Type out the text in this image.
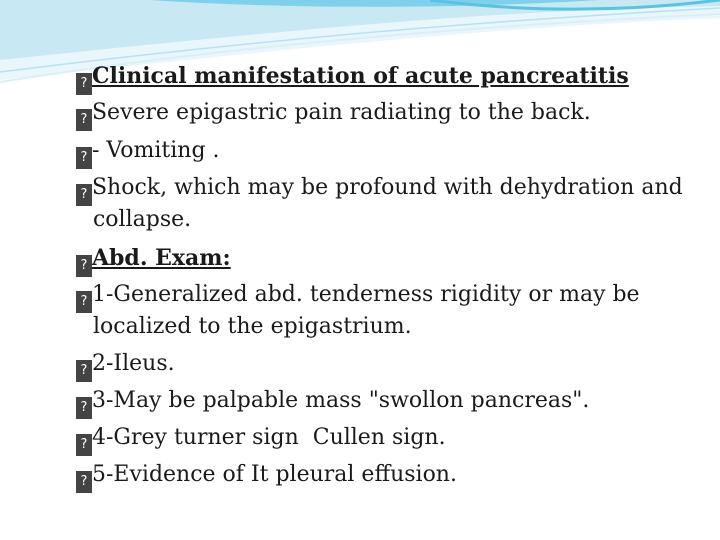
? Clinical manifestation of acute pancreatitis

? Severe epigastric pain radiating to the back.

? - Vomiting .

? Shock, which may be profound with dehydration and

collapse.

? Abd. Exam:

? 1-Generalized abd. tenderness rigidity or may be

localized to the epigastrium.

? 2-Ileus.

? 3-May be palpable mass "swollon pancreas".

? 4-Grey turner sign  Cullen sign.

? 5-Evidence of It pleural effusion.
